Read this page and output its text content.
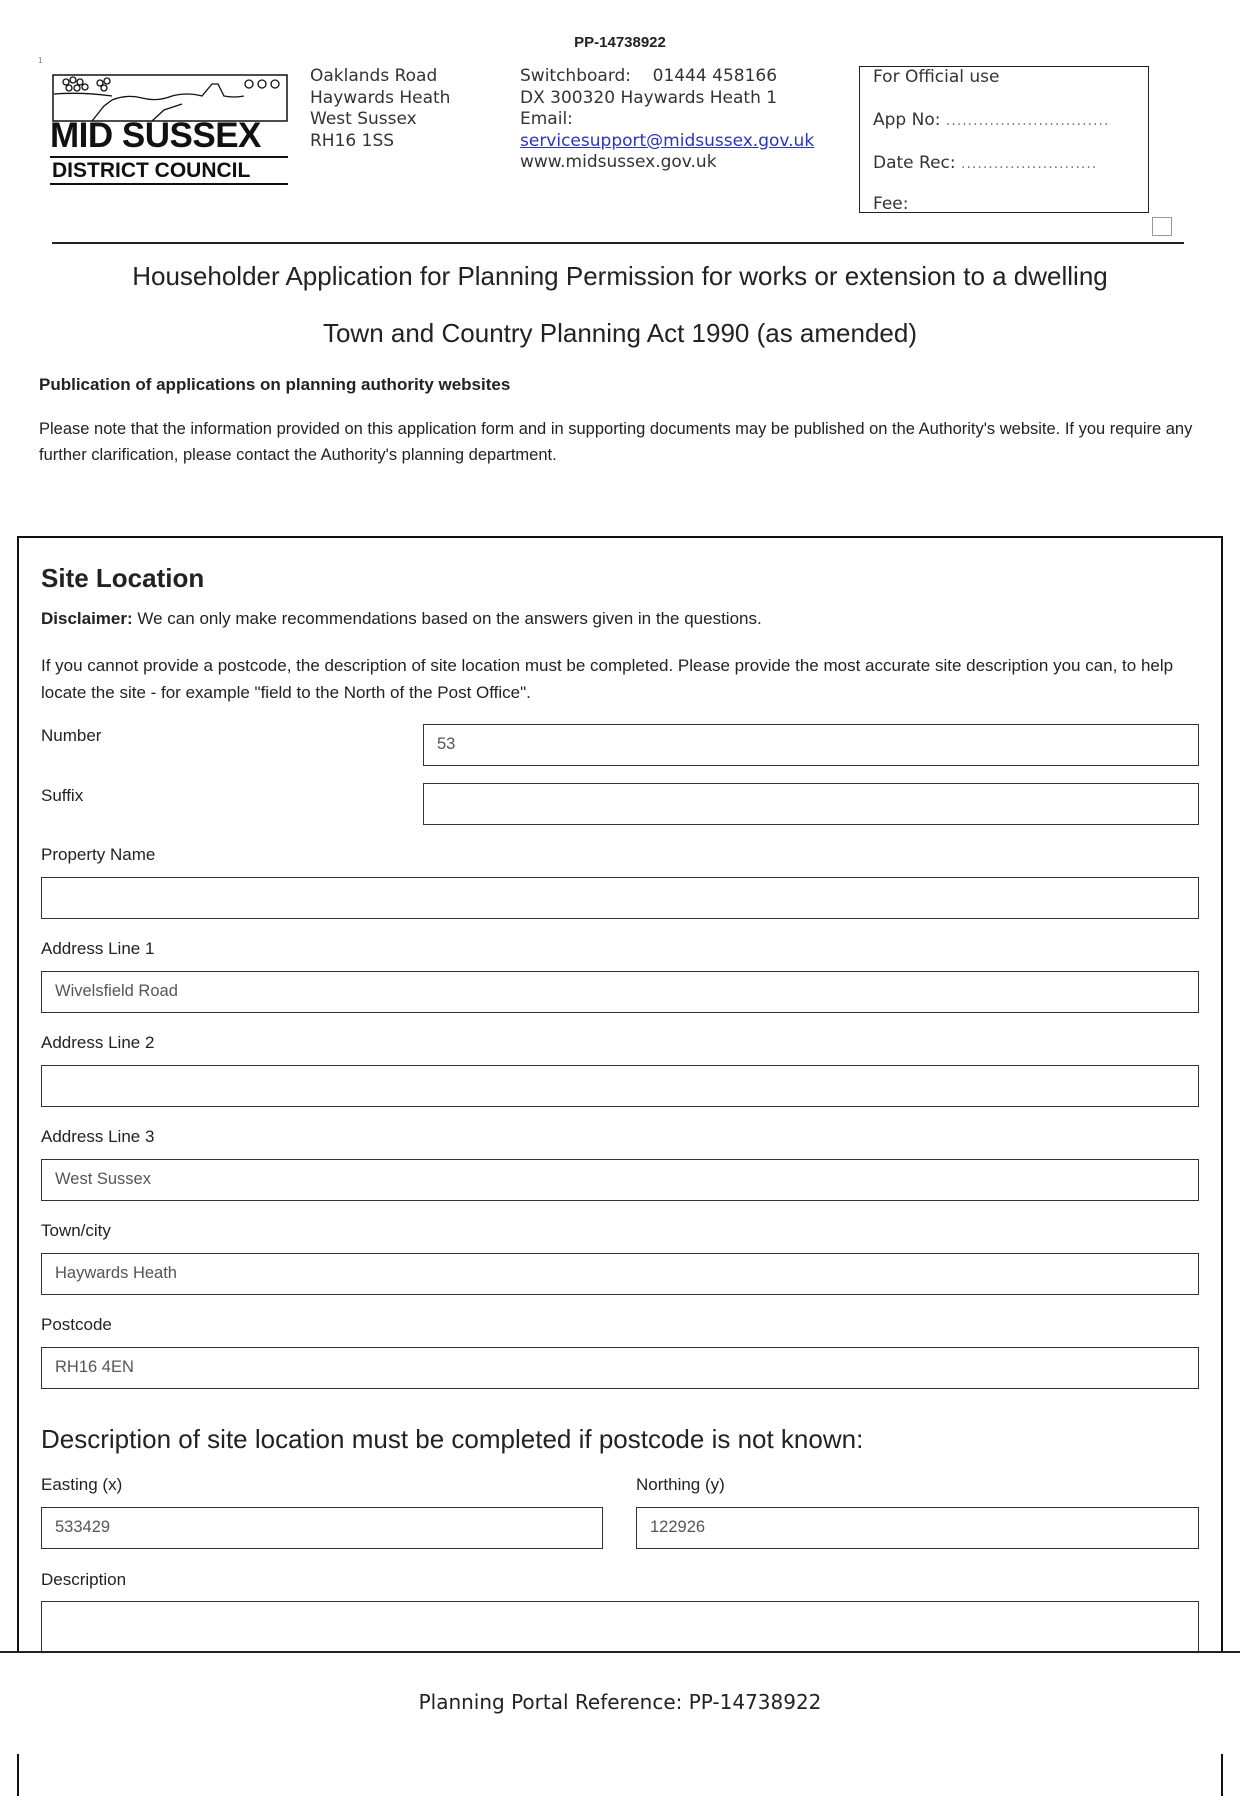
PP-14738922
1
MID SUSSEX
DISTRICT COUNCIL
Oaklands Road
Haywards Heath
West Sussex
RH16 1SS
Switchboard: 01444 458166
DX 300320 Haywards Heath 1
Email:
servicesupport@midsussex.gov.uk
www.midsussex.gov.uk
For Official use
App No: ..............................
Date Rec: .........................
Fee:
Householder Application for Planning Permission for works or extension to a dwelling
Town and Country Planning Act 1990 (as amended)
Publication of applications on planning authority websites
Please note that the information provided on this application form and in supporting documents may be published on the Authority's website. If you require any further clarification, please contact the Authority's planning department.
Site Location
Disclaimer: We can only make recommendations based on the answers given in the questions.
If you cannot provide a postcode, the description of site location must be completed. Please provide the most accurate site description you can, to help locate the site - for example "field to the North of the Post Office".
Number	53
Suffix
Property Name
Address Line 1
Wivelsfield Road
Address Line 2
Address Line 3
West Sussex
Town/city
Haywards Heath
Postcode
RH16 4EN
Description of site location must be completed if postcode is not known:
Easting (x)
533429
Northing (y)
122926
Description
Planning Portal Reference: PP-14738922
